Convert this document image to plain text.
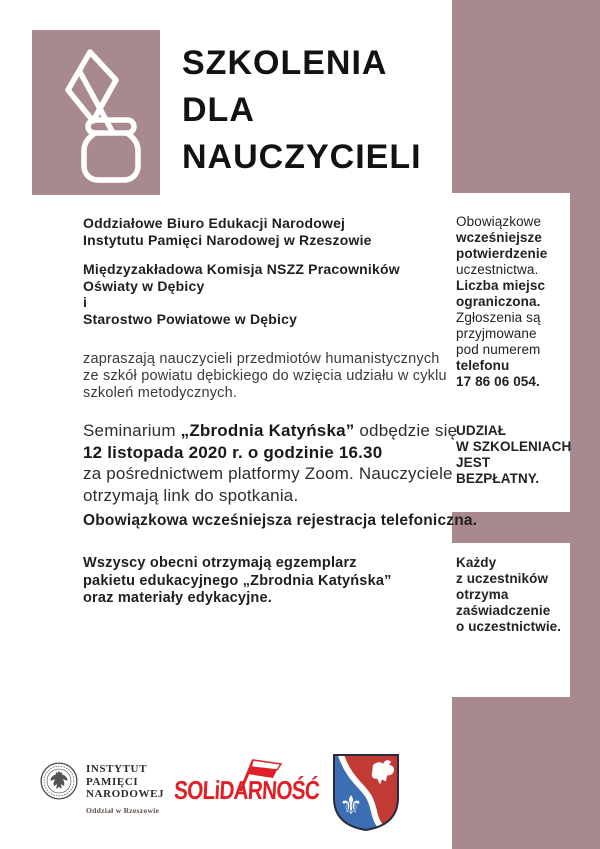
SZKOLENIA
DLA
NAUCZYCIELI
Oddziałowe Biuro Edukacji Narodowej
Instytutu Pamięci Narodowej w Rzeszowie
Międzyzakładowa Komisja NSZZ Pracowników
Oświaty w Dębicy
i
Starostwo Powiatowe w Dębicy
zapraszają nauczycieli przedmiotów humanistycznych
ze szkół powiatu dębickiego do wzięcia udziału w cyklu
szkoleń metodycznych.
Seminarium „Zbrodnia Katyńska” odbędzie się
12 listopada 2020 r. o godzinie 16.30
za pośrednictwem platformy Zoom. Nauczyciele
otrzymają link do spotkania.
Obowiązkowa wcześniejsza rejestracja telefoniczna.
Wszyscy obecni otrzymają egzemplarz
pakietu edukacyjnego „Zbrodnia Katyńska”
oraz materiały edykacyjne.
Obowiązkowe
wcześniejsze
potwierdzenie
uczestnictwa.
Liczba miejsc
ograniczona.
Zgłoszenia są
przyjmowane
pod numerem
telefonu
17 86 06 054.
UDZIAŁ
W SZKOLENIACH
JEST BEZPŁATNY.
Każdy
z uczestników
otrzyma
zaświadczenie
o uczestnictwie.
INSTYTUT
PAMIĘCI
NARODOWEJ
Oddział w Rzeszowie
SOLiDARNOŚĆ
⚜
